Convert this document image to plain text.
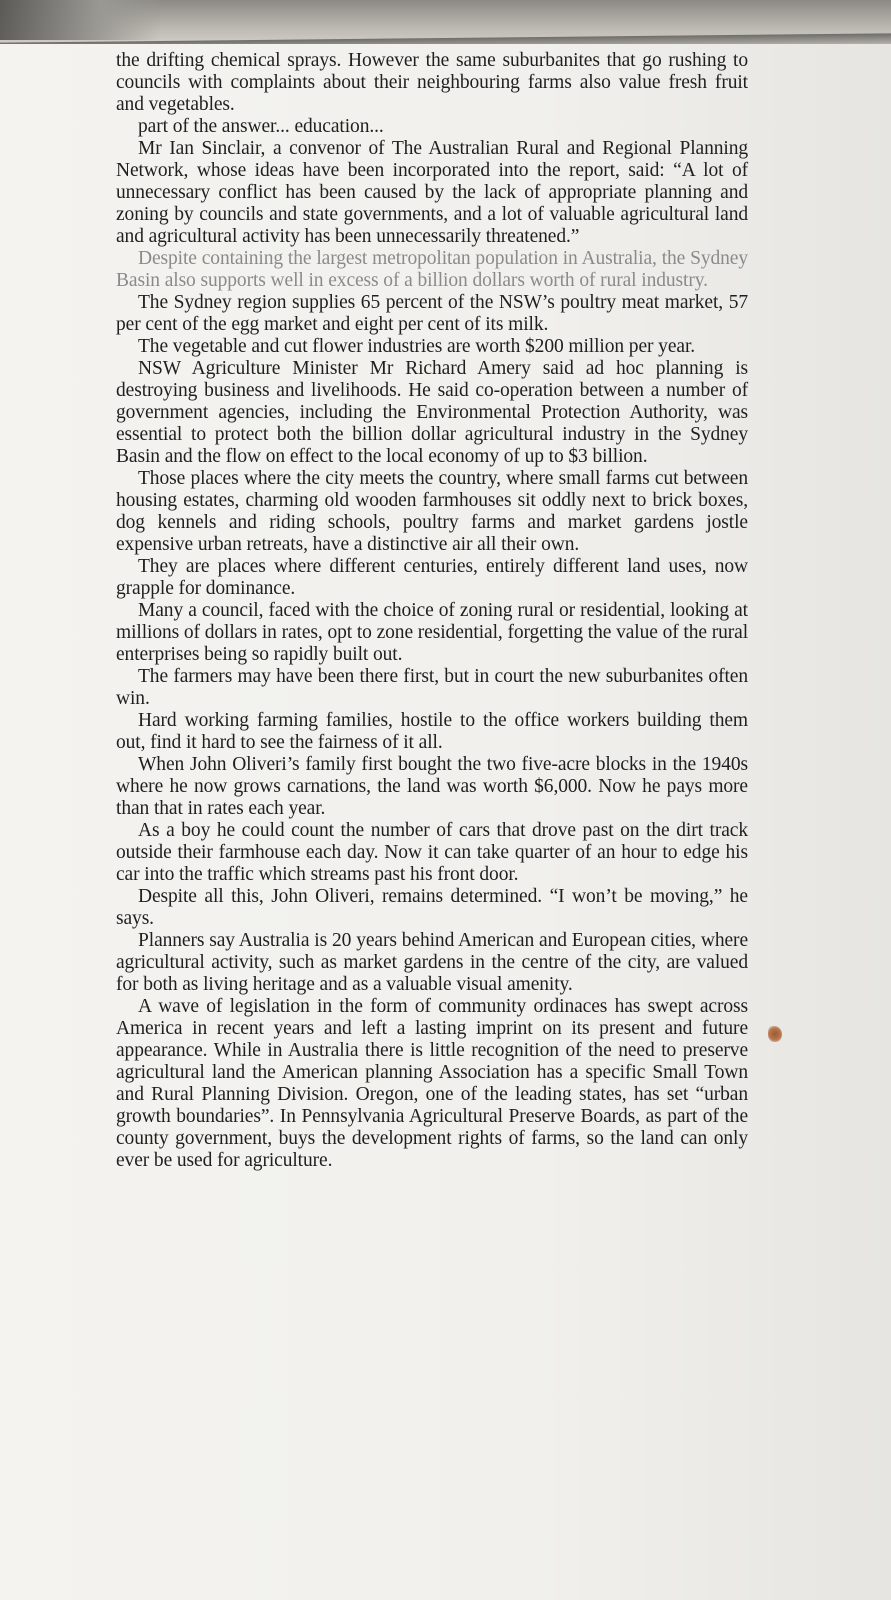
the drifting chemical sprays. However the same suburbanites that go rushing to councils with complaints about their neighbouring farms also value fresh fruit and vegetables.

part of the answer... education...

Mr Ian Sinclair, a convenor of The Australian Rural and Regional Planning Network, whose ideas have been incorporated into the report, said: “A lot of unnecessary conflict has been caused by the lack of appropriate planning and zoning by councils and state governments, and a lot of valuable agricultural land and agricultural activity has been unnecessarily threatened.”

Despite containing the largest metropolitan population in Australia, the Sydney Basin also supports well in excess of a billion dollars worth of rural industry.

The Sydney region supplies 65 percent of the NSW’s poultry meat market, 57 per cent of the egg market and eight per cent of its milk.

The vegetable and cut flower industries are worth $200 million per year.

NSW Agriculture Minister Mr Richard Amery said ad hoc planning is destroying business and livelihoods. He said co-operation between a number of government agencies, including the Environmental Protection Authority, was essential to protect both the billion dollar agricultural industry in the Sydney Basin and the flow on effect to the local economy of up to $3 billion.

Those places where the city meets the country, where small farms cut between housing estates, charming old wooden farmhouses sit oddly next to brick boxes, dog kennels and riding schools, poultry farms and market gardens jostle expensive urban retreats, have a distinctive air all their own.

They are places where different centuries, entirely different land uses, now grapple for dominance.

Many a council, faced with the choice of zoning rural or residential, looking at millions of dollars in rates, opt to zone residential, forgetting the value of the rural enterprises being so rapidly built out.

The farmers may have been there first, but in court the new suburbanites often win.

Hard working farming families, hostile to the office workers building them out, find it hard to see the fairness of it all.

When John Oliveri’s family first bought the two five-acre blocks in the 1940s where he now grows carnations, the land was worth $6,000. Now he pays more than that in rates each year.

As a boy he could count the number of cars that drove past on the dirt track outside their farmhouse each day. Now it can take quarter of an hour to edge his car into the traffic which streams past his front door.

Despite all this, John Oliveri, remains determined. “I won’t be moving,” he says.

Planners say Australia is 20 years behind American and European cities, where agricultural activity, such as market gardens in the centre of the city, are valued for both as living heritage and as a valuable visual amenity.

A wave of legislation in the form of community ordinaces has swept across America in recent years and left a lasting imprint on its present and future appearance. While in Australia there is little recognition of the need to preserve agricultural land the American planning Association has a specific Small Town and Rural Planning Division. Oregon, one of the leading states, has set “urban growth boundaries”. In Pennsylvania Agricultural Preserve Boards, as part of the county government, buys the development rights of farms, so the land can only ever be used for agriculture.
